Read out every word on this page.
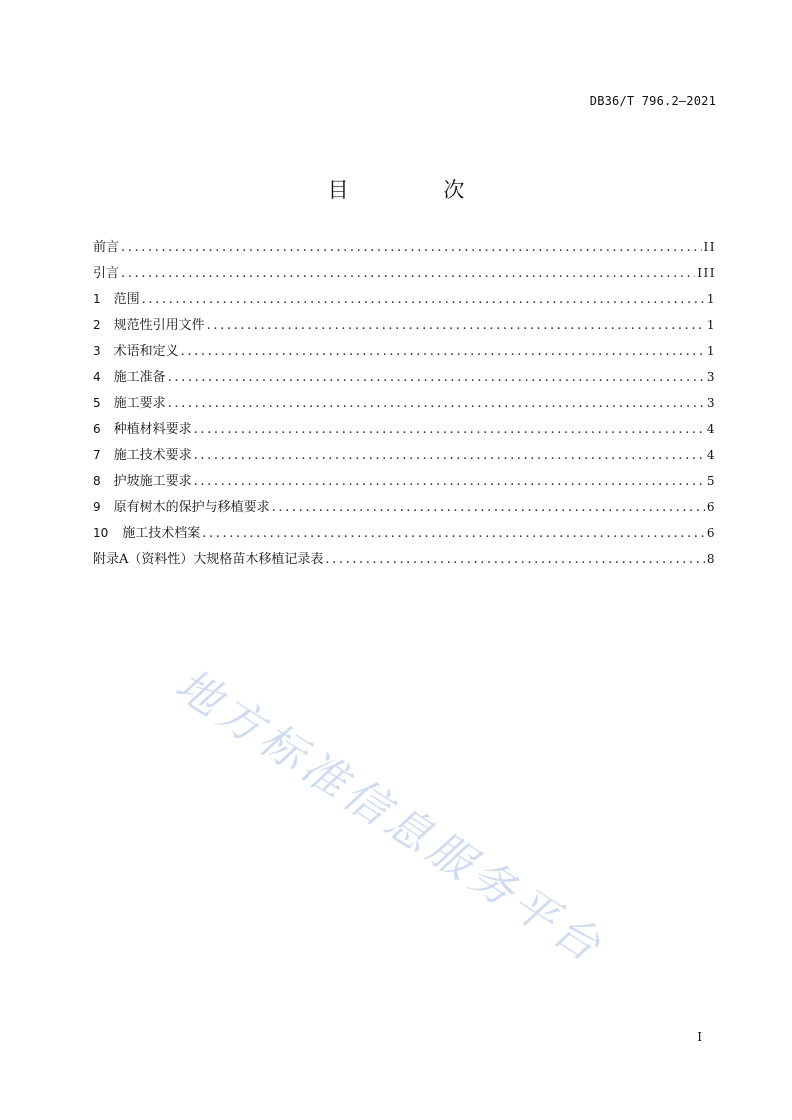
DB36/T 796.2—2021
目 次
前言 .....	II
引言 .....	III
1	范围 .....	1
2	规范性引用文件 .....	1
3	术语和定义 .....	1
4	施工准备 .....	3
5	施工要求 .....	3
6	种植材料要求 .....	4
7	施工技术要求 .....	4
8	护坡施工要求 .....	5
9	原有树木的保护与移植要求 .....	6
10	施工技术档案 .....	6
附录A（资料性）大规格苗木移植记录表 .....	8
地方标准信息服务平台
I
